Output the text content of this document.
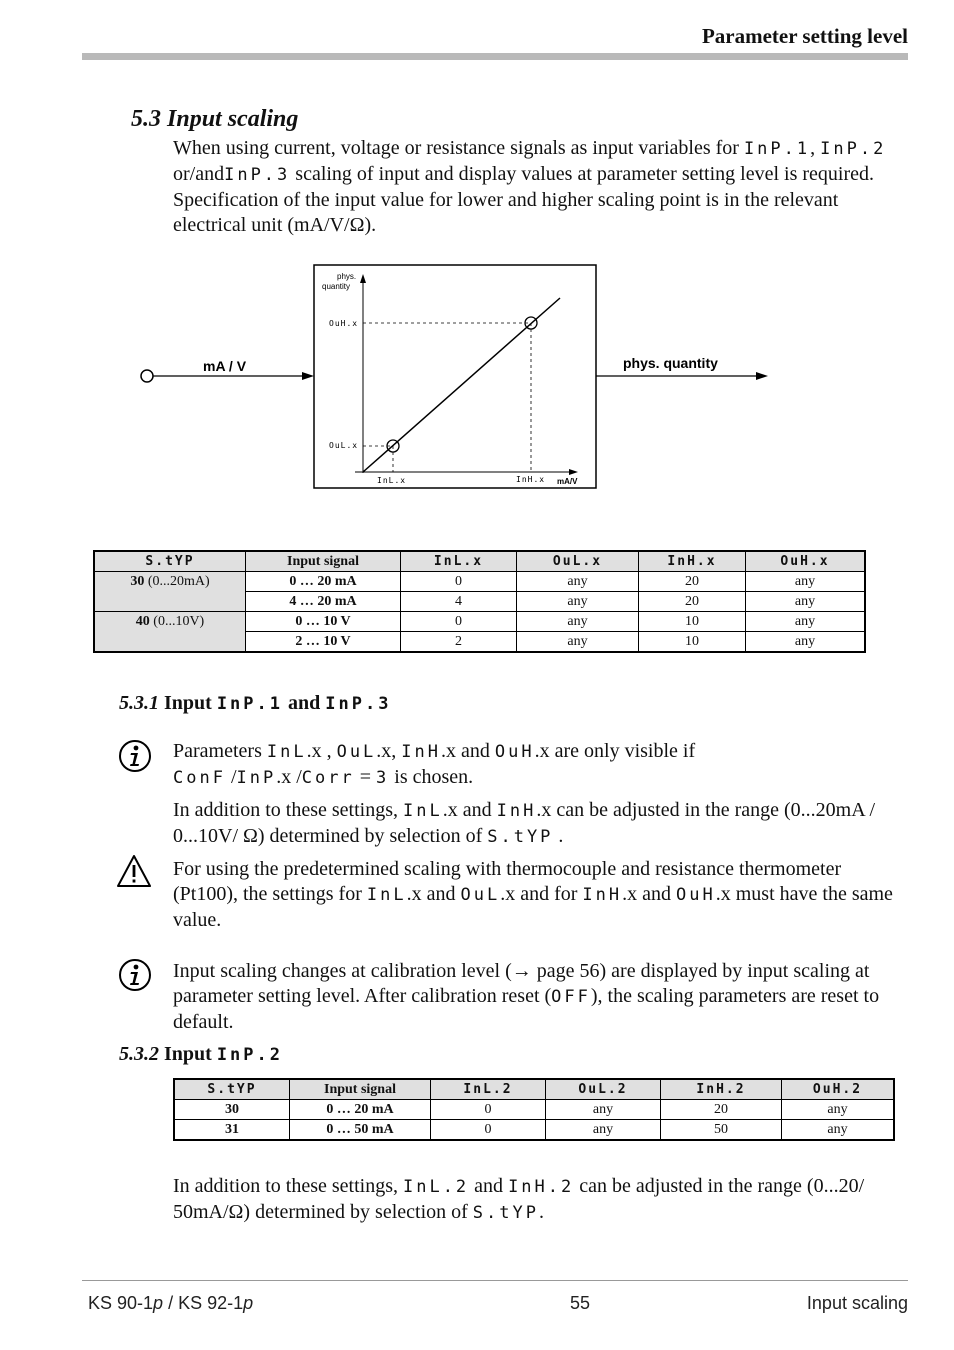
Parameter setting level
5.3 Input scaling
When using current, voltage or resistance signals as input variables for InP.1, InP.2 or/andInP.3 scaling of input and display values at parameter setting level is required. Specification of the input value for lower and higher scaling point is in the relevant electrical unit (mA/V/Ω).
mA / V	phys. quantity
phys.
quantity
mA/V
OuH.x
OuL.x
InL.x	InH.x
S.tYP	Input signal	InL.x	OuL.x	InH.x	OuH.x
30 (0...20mA)	0 … 20 mA	0	any	20	any
	4 … 20 mA	4	any	20	any
40 (0...10V)	0 … 10 V	0	any	10	any
	2 … 10 V	2	any	10	any
5.3.1 Input InP.1 and InP.3
Parameters InL.x , OuL.x, InH.x and OuH.x are only visible if
ConF /InP.x /Corr = 3 is chosen.
In addition to these settings, InL.x and InH.x can be adjusted in the range (0...20mA / 0...10V/ Ω) determined by selection of S.tYP .
For using the predetermined scaling with thermocouple and resistance thermometer (Pt100), the settings for InL.x and OuL.x and for InH.x and OuH.x must have the same value.
Input scaling changes at calibration level (→ page 56) are displayed by input scaling at parameter setting level. After calibration reset (OFF), the scaling parameters are reset to default.
5.3.2 Input InP.2
S.tYP	Input signal	InL.2	OuL.2	InH.2	OuH.2
30	0 … 20 mA	0	any	20	any
31	0 … 50 mA	0	any	50	any
In addition to these settings, InL.2 and InH.2 can be adjusted in the range (0...20/ 50mA/Ω) determined by selection of S.tYP.
KS 90-1p / KS 92-1p	55	Input scaling
